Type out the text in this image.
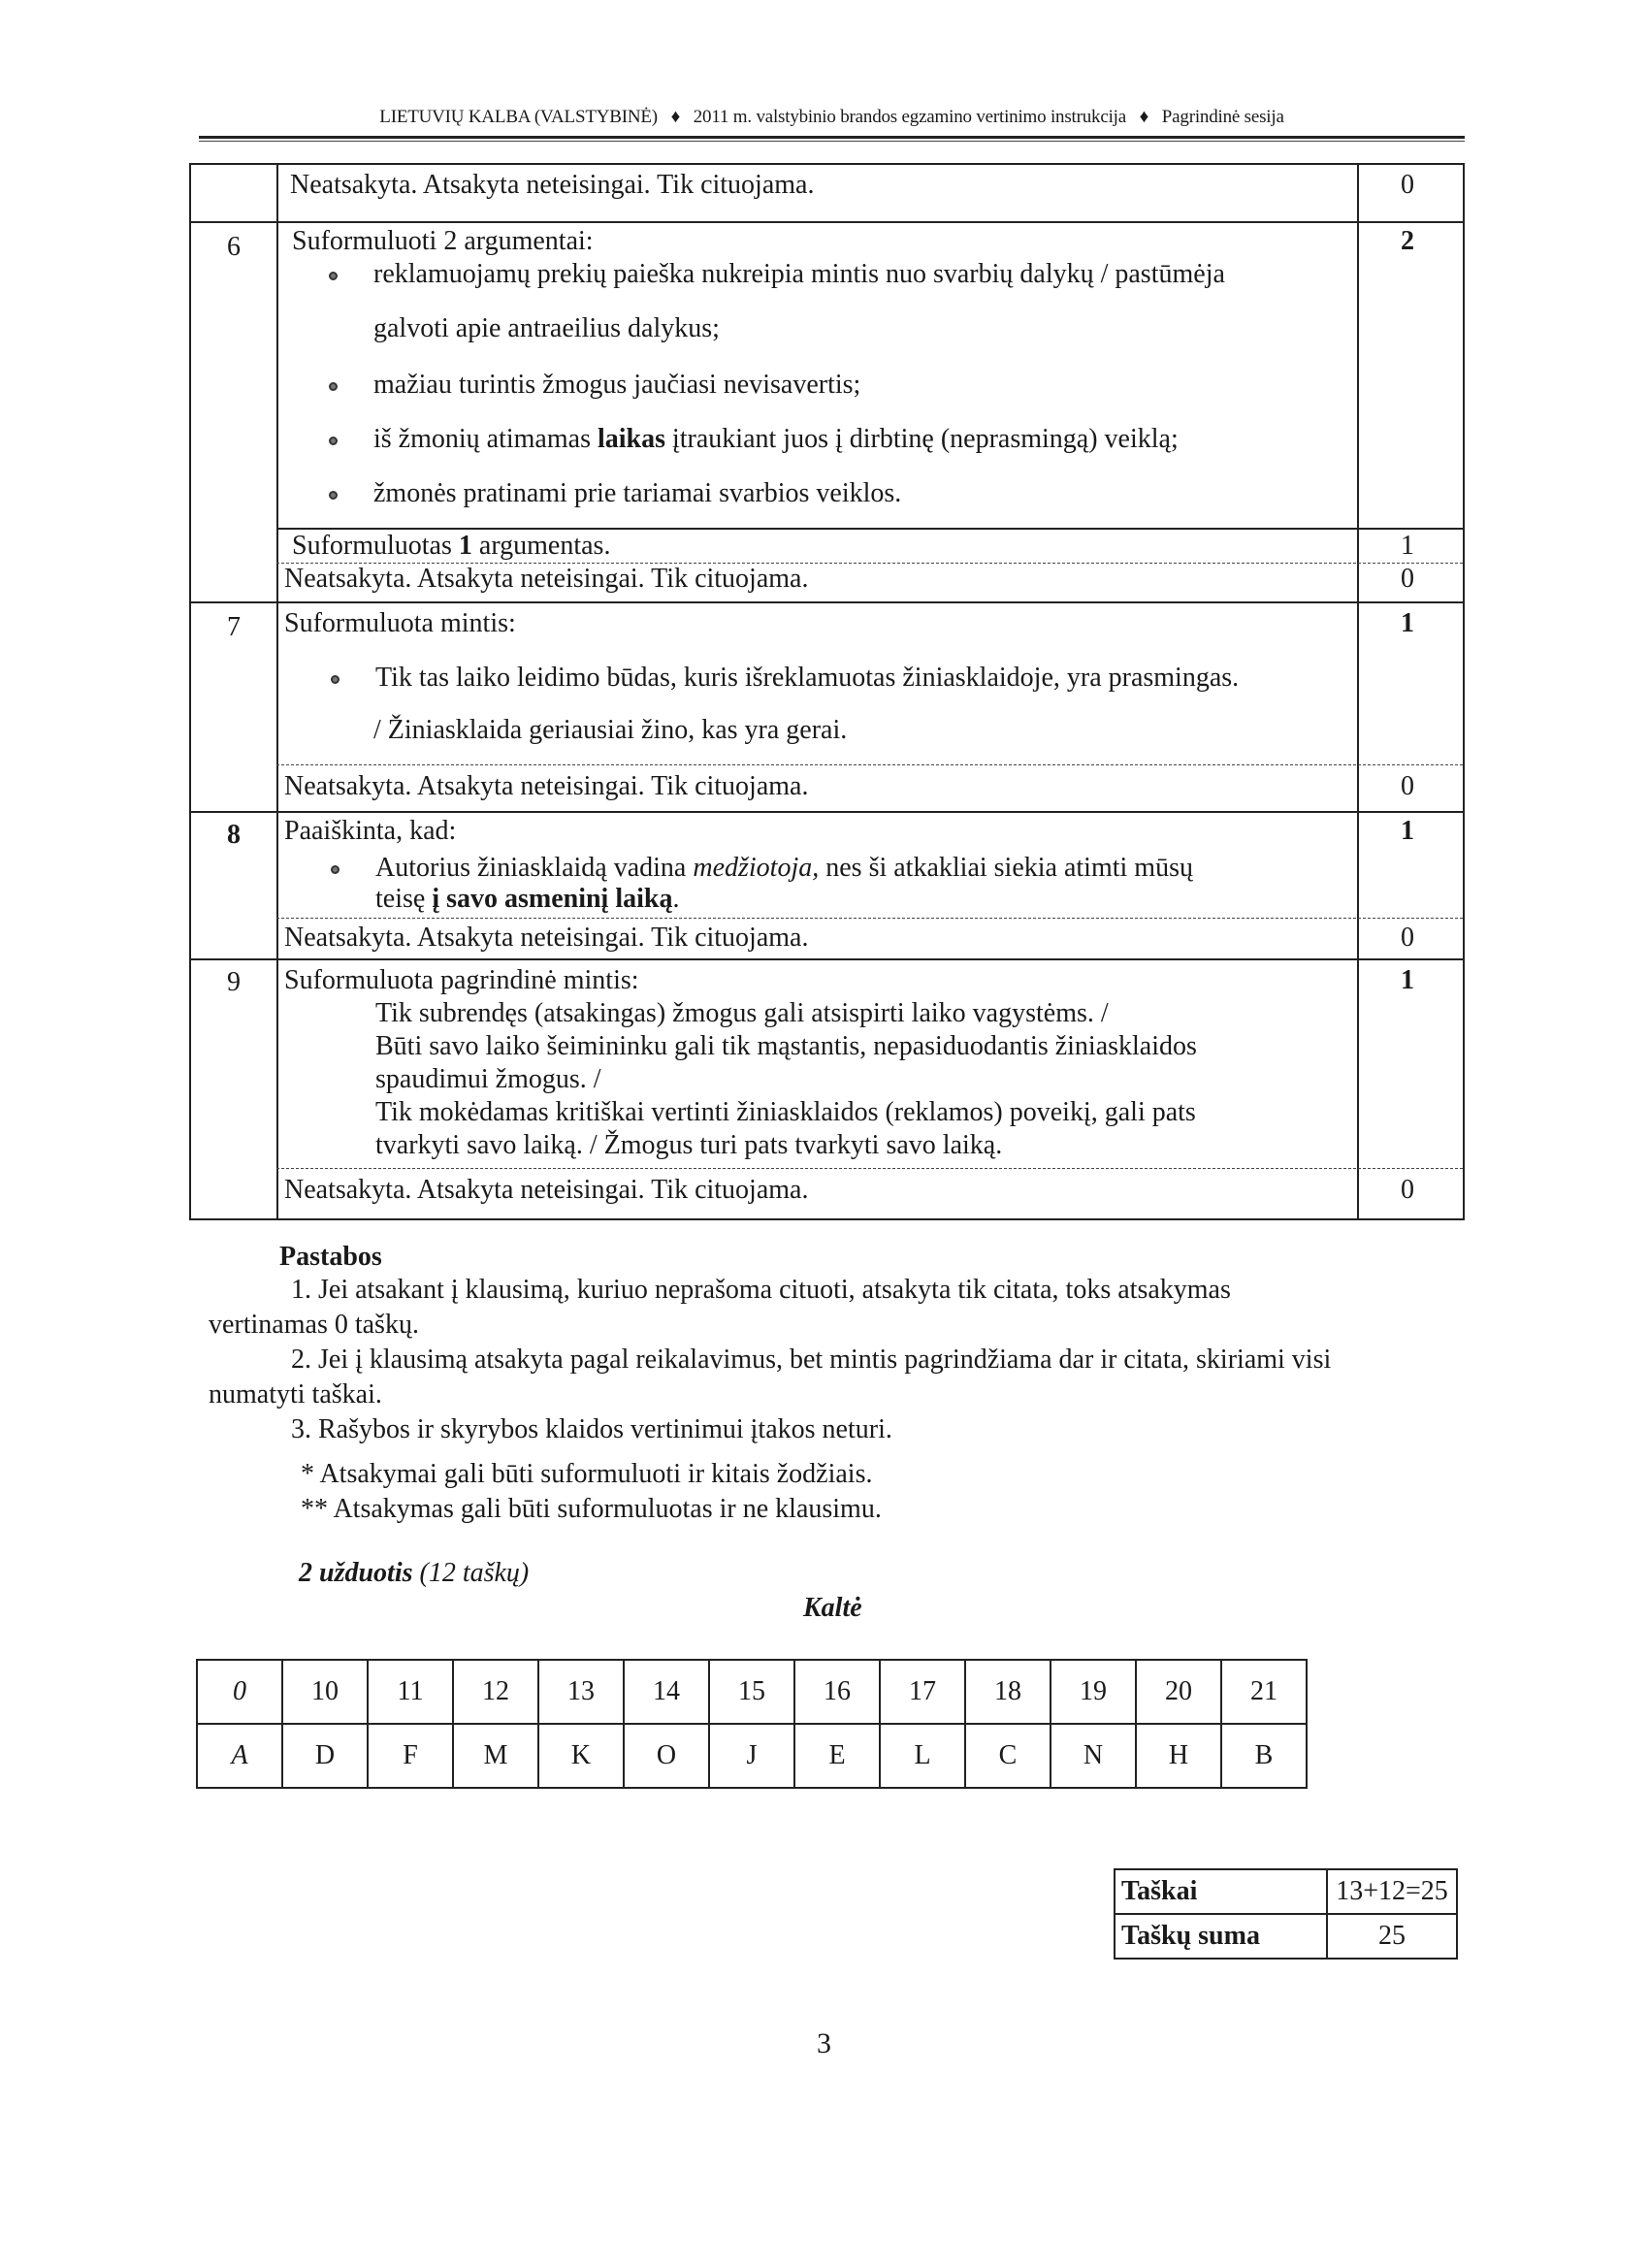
LIETUVIŲ KALBA (VALSTYBINĖ) ♦ 2011 m. valstybinio brandos egzamino vertinimo instrukcija ♦ Pagrindinė sesija
Neatsakyta. Atsakyta neteisingai. Tik cituojama.	0
6	Suformuluoti 2 argumentai:	2
reklamuojamų prekių paieška nukreipia mintis nuo svarbių dalykų / pastūmėja
galvoti apie antraeilius dalykus;
mažiau turintis žmogus jaučiasi nevisavertis;
iš žmonių atimamas laikas įtraukiant juos į dirbtinę (neprasmingą) veiklą;
žmonės pratinami prie tariamai svarbios veiklos.
Suformuluotas 1 argumentas.	1
Neatsakyta. Atsakyta neteisingai. Tik cituojama.	0
7	Suformuluota mintis:	1
Tik tas laiko leidimo būdas, kuris išreklamuotas žiniasklaidoje, yra prasmingas.
/ Žiniasklaida geriausiai žino, kas yra gerai.
Neatsakyta. Atsakyta neteisingai. Tik cituojama.	0
8	Paaiškinta, kad:	1
Autorius žiniasklaidą vadina medžiotoja, nes ši atkakliai siekia atimti mūsų
teisę į savo asmeninį laiką.
Neatsakyta. Atsakyta neteisingai. Tik cituojama.	0
9	Suformuluota pagrindinė mintis:	1
Tik subrendęs (atsakingas) žmogus gali atsispirti laiko vagystėms. /
Būti savo laiko šeimininku gali tik mąstantis, nepasiduodantis žiniasklaidos
spaudimui žmogus. /
Tik mokėdamas kritiškai vertinti žiniasklaidos (reklamos) poveikį, gali pats
tvarkyti savo laiką. / Žmogus turi pats tvarkyti savo laiką.
Neatsakyta. Atsakyta neteisingai. Tik cituojama.	0
Pastabos
1. Jei atsakant į klausimą, kuriuo neprašoma cituoti, atsakyta tik citata, toks atsakymas
vertinamas 0 taškų.
2. Jei į klausimą atsakyta pagal reikalavimus, bet mintis pagrindžiama dar ir citata, skiriami visi
numatyti taškai.
3. Rašybos ir skyrybos klaidos vertinimui įtakos neturi.
* Atsakymai gali būti suformuluoti ir kitais žodžiais.
** Atsakymas gali būti suformuluotas ir ne klausimu.
2 užduotis (12 taškų)
Kaltė
0	10	11	12	13	14	15	16	17	18	19	20	21
A	D	F	M	K	O	J	E	L	C	N	H	B
Taškai	13+12=25
Taškų suma	25
3
